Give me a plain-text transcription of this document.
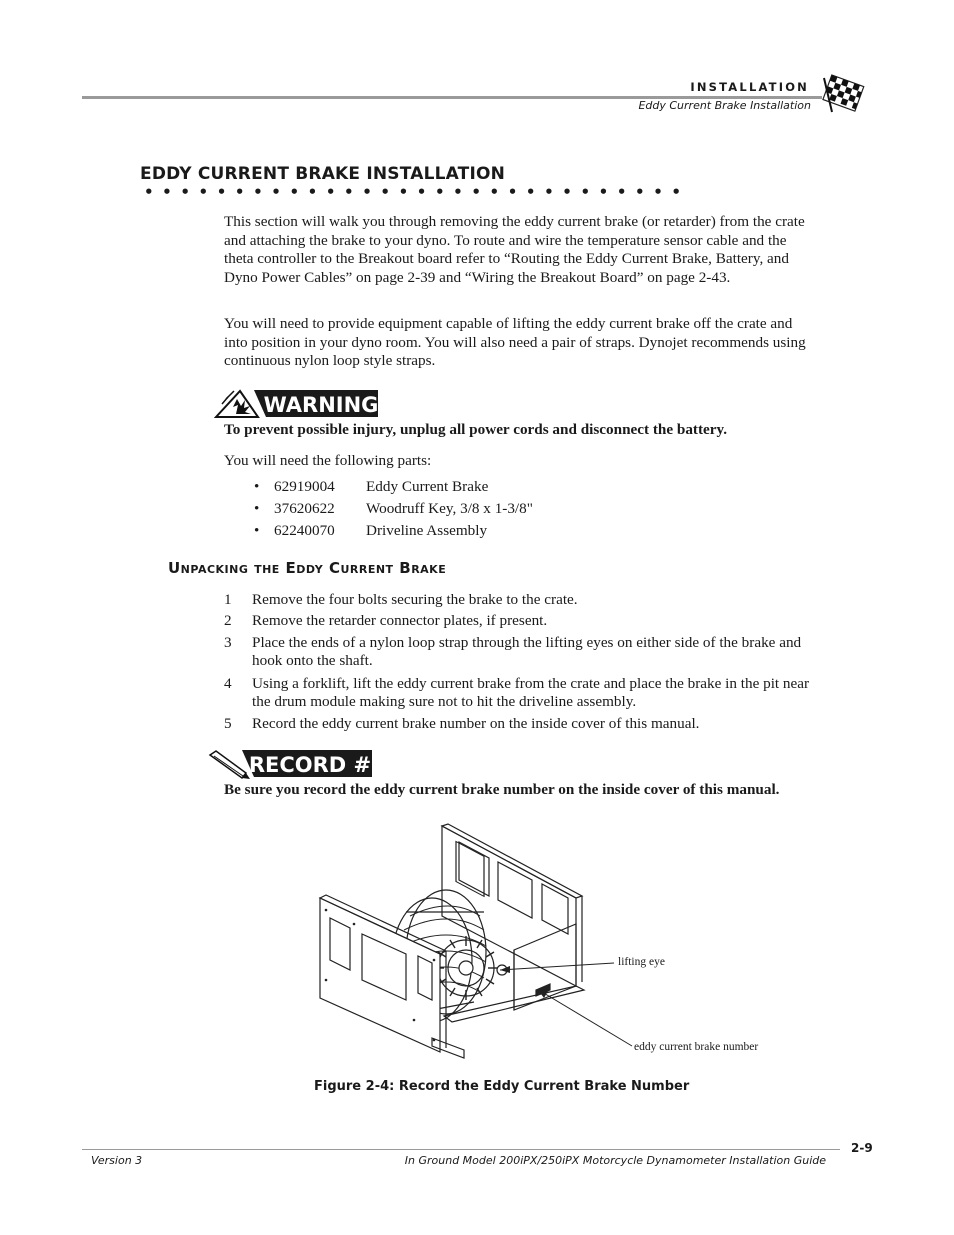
INSTALLATION
Eddy Current Brake Installation
EDDY CURRENT BRAKE INSTALLATION
••••••••••••••••••••••••••••••
This section will walk you through removing the eddy current brake (or retarder) from the crate and attaching the brake to your dyno. To route and wire the temperature sensor cable and the theta controller to the Breakout board refer to “Routing the Eddy Current Brake, Battery, and Dyno Power Cables” on page 2-39 and “Wiring the Breakout Board” on page 2-43.
You will need to provide equipment capable of lifting the eddy current brake off the crate and into position in your dyno room. You will also need a pair of straps. Dynojet recommends using continuous nylon loop style straps.
WARNING
To prevent possible injury, unplug all power cords and disconnect the battery.
You will need the following parts:
• 62919004 Eddy Current Brake
• 37620622 Woodruff Key, 3/8 x 1-3/8"
• 62240070 Driveline Assembly
Unpacking the Eddy Current Brake
1 Remove the four bolts securing the brake to the crate.
2 Remove the retarder connector plates, if present.
3 Place the ends of a nylon loop strap through the lifting eyes on either side of the brake and hook onto the shaft.
4 Using a forklift, lift the eddy current brake from the crate and place the brake in the pit near the drum module making sure not to hit the driveline assembly.
5 Record the eddy current brake number on the inside cover of this manual.
RECORD #
Be sure you record the eddy current brake number on the inside cover of this manual.
lifting eye
eddy current brake number
Figure 2-4: Record the Eddy Current Brake Number
2-9
Version 3	In Ground Model 200iPX/250iPX Motorcycle Dynamometer Installation Guide
